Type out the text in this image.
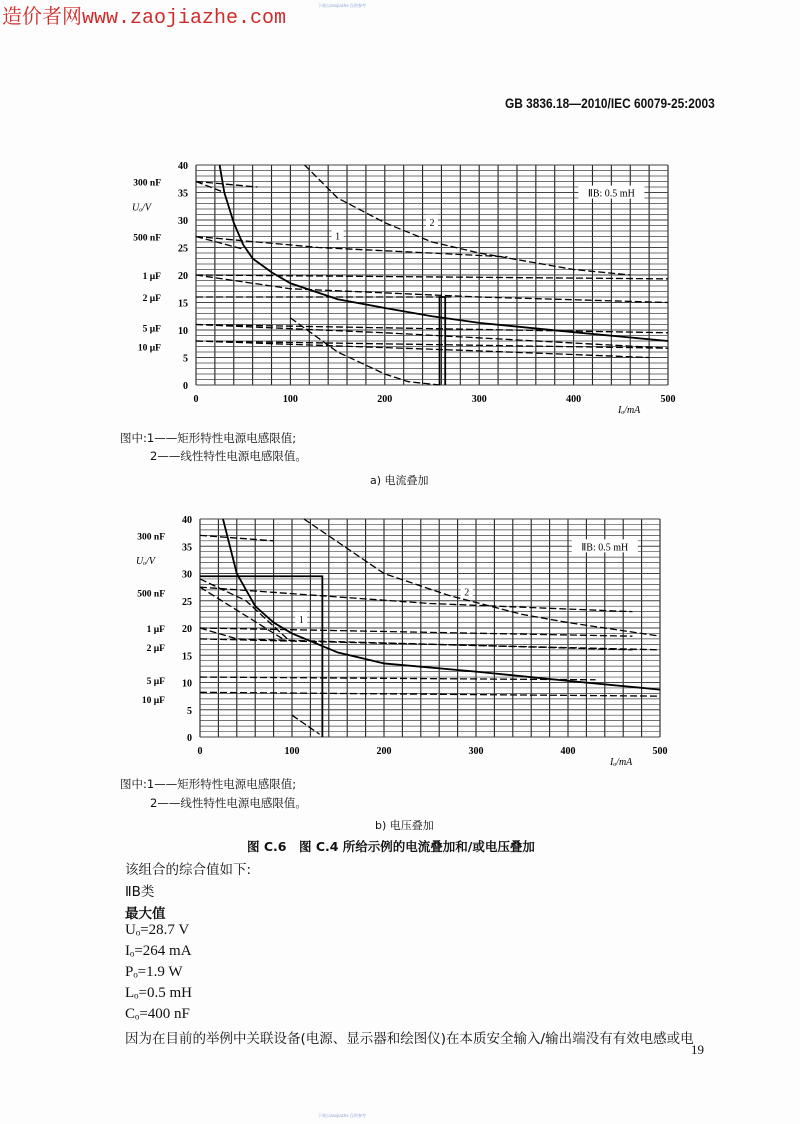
造价者网www.zaojiazhe.com
下载自zaojiazhe 仅供参考
GB 3836.18—2010/IEC 60079-25:2003
0	100	200	300	400	500
0
5
10
15
20
25
30
35
40
Iₒ/mA
Uₒ/V
300 nF
500 nF
1 μF
2 μF
5 μF
10 μF
1
2
ⅡB: 0.5 mH
图中:1——矩形特性电源电感限值;
2——线性特性电源电感限值。
a) 电流叠加
0	100	200	300	400	500
0
5
10
15
20
25
30
35
40
Iₒ/mA
Uₒ/V
300 nF
500 nF
1 μF
2 μF
5 μF
10 μF
1
2
ⅡB: 0.5 mH
图中:1——矩形特性电源电感限值;
2——线性特性电源电感限值。
b) 电压叠加
图 C.6　图 C.4 所给示例的电流叠加和/或电压叠加
该组合的综合值如下:
ⅡB类
最大值
Uₒ=28.7 V
Iₒ=264 mA
Pₒ=1.9 W
Lₒ=0.5 mH
Cₒ=400 nF
因为在目前的举例中关联设备(电源、显示器和绘图仪)在本质安全输入/输出端没有有效电感或电
19
下载自zaojiazhe 仅供参考
